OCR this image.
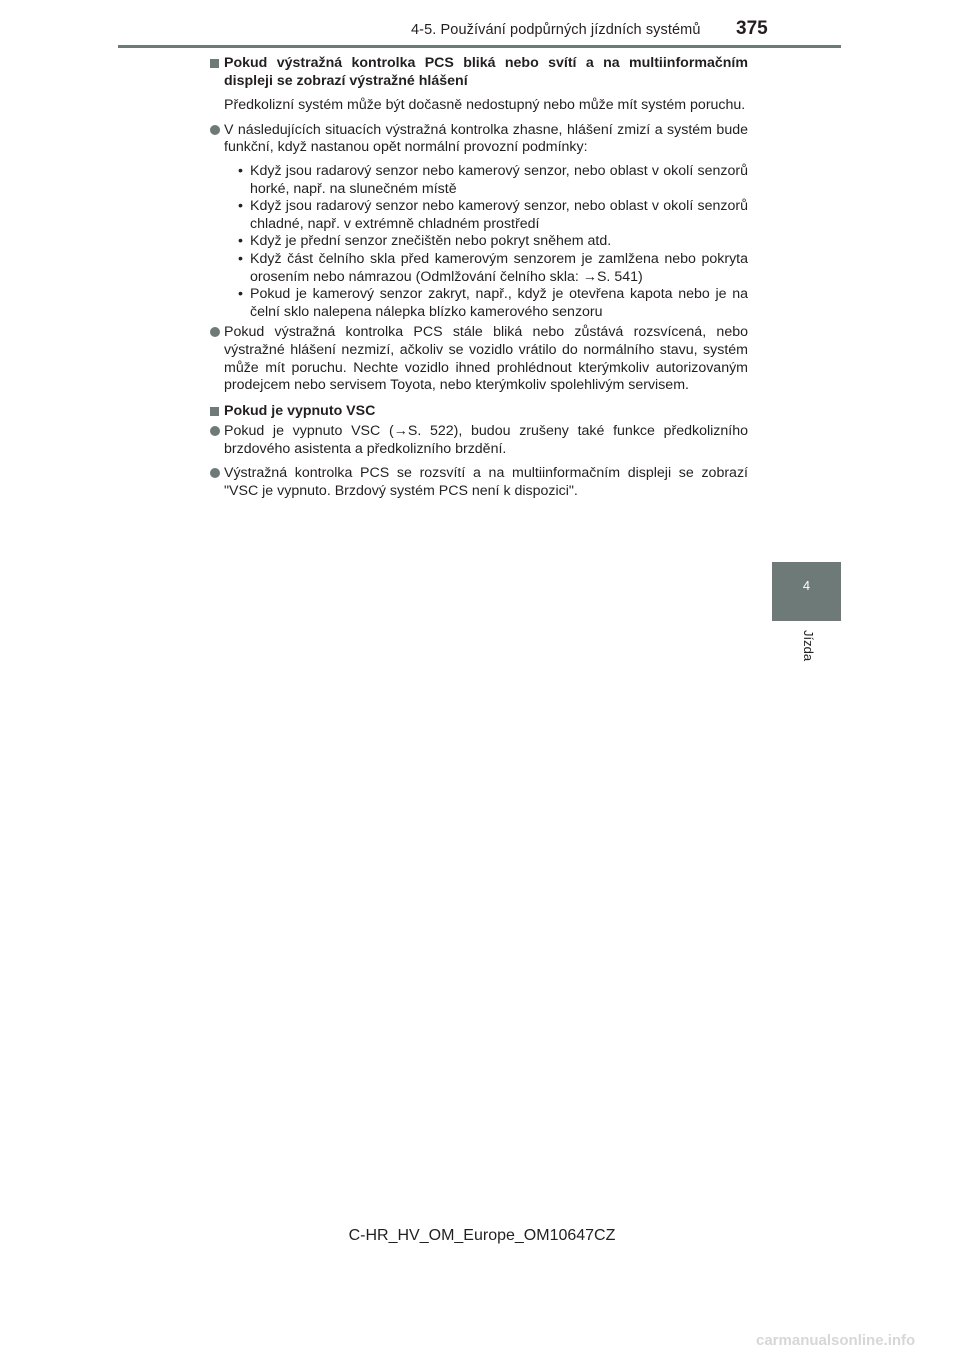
4-5. Používání podpůrných jízdních systémů 375
4
Jízda
Pokud výstražná kontrolka PCS bliká nebo svítí a na multiinformačním displeji se zobrazí výstražné hlášení
Předkolizní systém může být dočasně nedostupný nebo může mít systém poruchu.
V následujících situacích výstražná kontrolka zhasne, hlášení zmizí a systém bude funkční, když nastanou opět normální provozní podmínky:
• Když jsou radarový senzor nebo kamerový senzor, nebo oblast v okolí senzorů horké, např. na slunečném místě
• Když jsou radarový senzor nebo kamerový senzor, nebo oblast v okolí senzorů chladné, např. v extrémně chladném prostředí
• Když je přední senzor znečištěn nebo pokryt sněhem atd.
• Když část čelního skla před kamerovým senzorem je zamlžena nebo pokryta orosením nebo námrazou (Odmlžování čelního skla: →S. 541)
• Pokud je kamerový senzor zakryt, např., když je otevřena kapota nebo je na čelní sklo nalepena nálepka blízko kamerového senzoru
Pokud výstražná kontrolka PCS stále bliká nebo zůstává rozsvícená, nebo výstražné hlášení nezmizí, ačkoliv se vozidlo vrátilo do normálního stavu, systém může mít poruchu. Nechte vozidlo ihned prohlédnout kterýmkoliv autorizovaným prodejcem nebo servisem Toyota, nebo kterýmkoliv spolehlivým servisem.
Pokud je vypnuto VSC
Pokud je vypnuto VSC (→S. 522), budou zrušeny také funkce předkolizního brzdového asistenta a předkolizního brzdění.
Výstražná kontrolka PCS se rozsvítí a na multiinformačním displeji se zobrazí "VSC je vypnuto. Brzdový systém PCS není k dispozici".
C-HR_HV_OM_Europe_OM10647CZ
carmanualsonline.info
